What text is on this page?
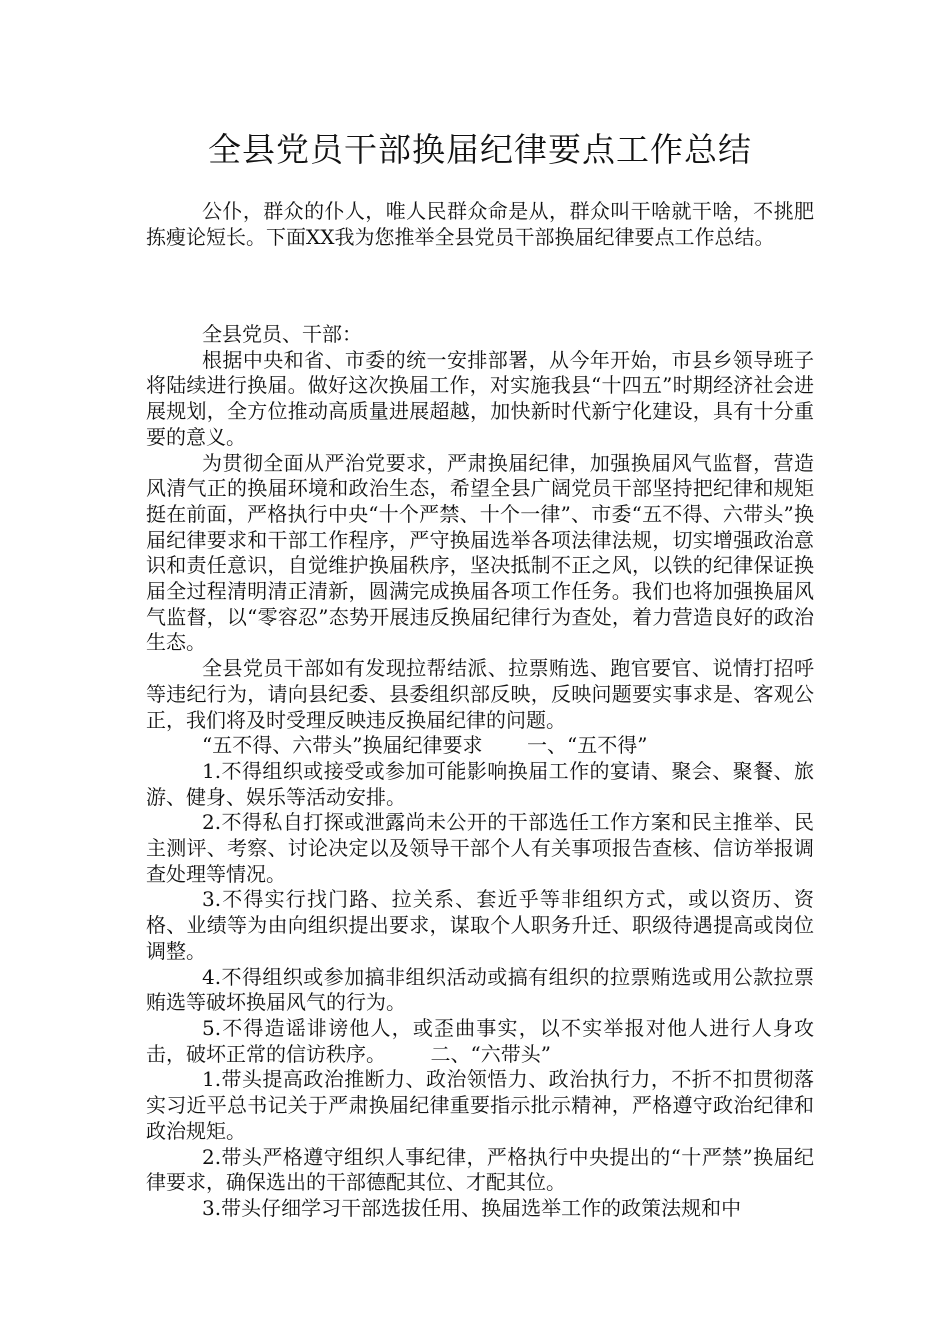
全县党员干部换届纪律要点工作总结

公仆，群众的仆人，唯人民群众命是从，群众叫干啥就干啥，不挑肥拣瘦论短长。下面XX我为您推举全县党员干部换届纪律要点工作总结。

全县党员、干部：

根据中央和省、市委的统一安排部署，从今年开始，市县乡领导班子将陆续进行换届。做好这次换届工作，对实施我县“十四五”时期经济社会进展规划，全方位推动高质量进展超越，加快新时代新宁化建设，具有十分重要的意义。

为贯彻全面从严治党要求，严肃换届纪律，加强换届风气监督，营造风清气正的换届环境和政治生态，希望全县广阔党员干部坚持把纪律和规矩挺在前面，严格执行中央“十个严禁、十个一律”、市委“五不得、六带头”换届纪律要求和干部工作程序，严守换届选举各项法律法规，切实增强政治意识和责任意识，自觉维护换届秩序，坚决抵制不正之风，以铁的纪律保证换届全过程清明清正清新，圆满完成换届各项工作任务。我们也将加强换届风气监督，以“零容忍”态势开展违反换届纪律行为查处，着力营造良好的政治生态。

全县党员干部如有发现拉帮结派、拉票贿选、跑官要官、说情打招呼等违纪行为，请向县纪委、县委组织部反映，反映问题要实事求是、客观公正，我们将及时受理反映违反换届纪律的问题。

“五不得、六带头”换届纪律要求 一、“五不得”

1.不得组织或接受或参加可能影响换届工作的宴请、聚会、聚餐、旅游、健身、娱乐等活动安排。

2.不得私自打探或泄露尚未公开的干部选任工作方案和民主推举、民主测评、考察、讨论决定以及领导干部个人有关事项报告查核、信访举报调查处理等情况。

3.不得实行找门路、拉关系、套近乎等非组织方式，或以资历、资格、业绩等为由向组织提出要求，谋取个人职务升迁、职级待遇提高或岗位调整。

4.不得组织或参加搞非组织活动或搞有组织的拉票贿选或用公款拉票贿选等破坏换届风气的行为。

5.不得造谣诽谤他人，或歪曲事实，以不实举报对他人进行人身攻击，破坏正常的信访秩序。 二、“六带头”

1.带头提高政治推断力、政治领悟力、政治执行力，不折不扣贯彻落实习近平总书记关于严肃换届纪律重要指示批示精神，严格遵守政治纪律和政治规矩。

2.带头严格遵守组织人事纪律，严格执行中央提出的“十严禁”换届纪律要求，确保选出的干部德配其位、才配其位。

3.带头仔细学习干部选拔任用、换届选举工作的政策法规和中
